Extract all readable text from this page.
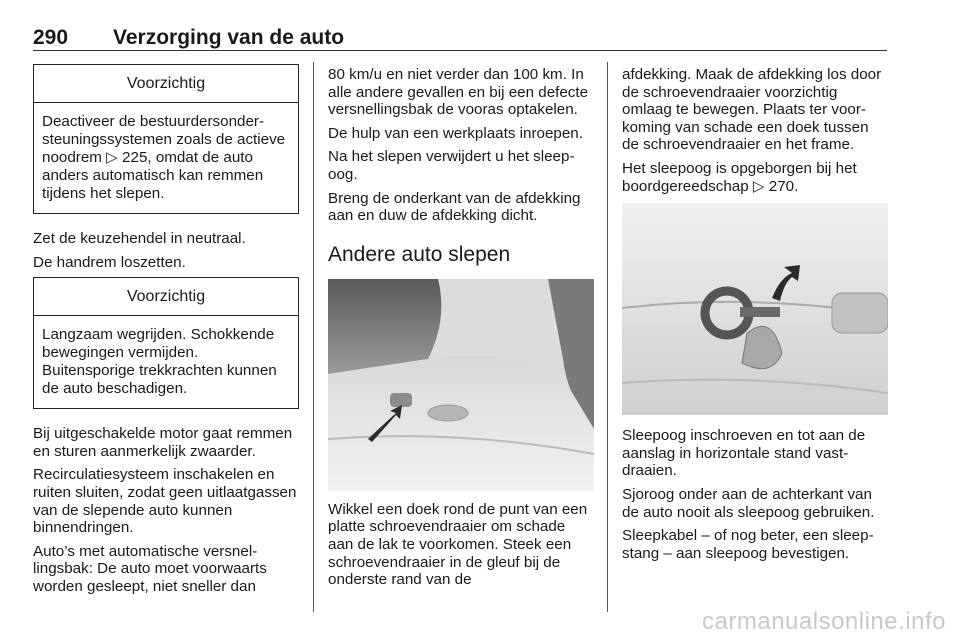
290 Verzorging van de auto
Voorzichtig
Deactiveer de bestuurdersondersteuningssystemen zoals de actieve noodrem ▷ 225, omdat de auto anders automatisch kan remmen tijdens het slepen.

Zet de keuzehendel in neutraal.

De handrem loszetten.

Voorzichtig
Langzaam wegrijden. Schokkende bewegingen vermijden. Buitensporige trekkrachten kunnen de auto beschadigen.

Bij uitgeschakelde motor gaat remmen en sturen aanmerkelijk zwaarder.

Recirculatiesysteem inschakelen en ruiten sluiten, zodat geen uitlaatgassen van de slepende auto kunnen binnendringen.

Auto’s met automatische versnellingsbak: De auto moet voorwaarts worden gesleept, niet sneller dan

80 km/u en niet verder dan 100 km. In alle andere gevallen en bij een defecte versnellingsbak de vooras optakelen.

De hulp van een werkplaats inroepen.

Na het slepen verwijdert u het sleepoog.

Breng de onderkant van de afdekking aan en duw de afdekking dicht.

Andere auto slepen

Wikkel een doek rond de punt van een platte schroevendraaier om schade aan de lak te voorkomen. Steek een schroevendraaier in de gleuf bij de onderste rand van de

afdekking. Maak de afdekking los door de schroevendraaier voorzichtig omlaag te bewegen. Plaats ter voorkoming van schade een doek tussen de schroevendraaier en het frame.

Het sleepoog is opgeborgen bij het boordgereedschap ▷ 270.

Sleepoog inschroeven en tot aan de aanslag in horizontale stand vastdraaien.

Sjoroog onder aan de achterkant van de auto nooit als sleepoog gebruiken.

Sleepkabel – of nog beter, een sleepstang – aan sleepoog bevestigen.

carmanualsonline.info
